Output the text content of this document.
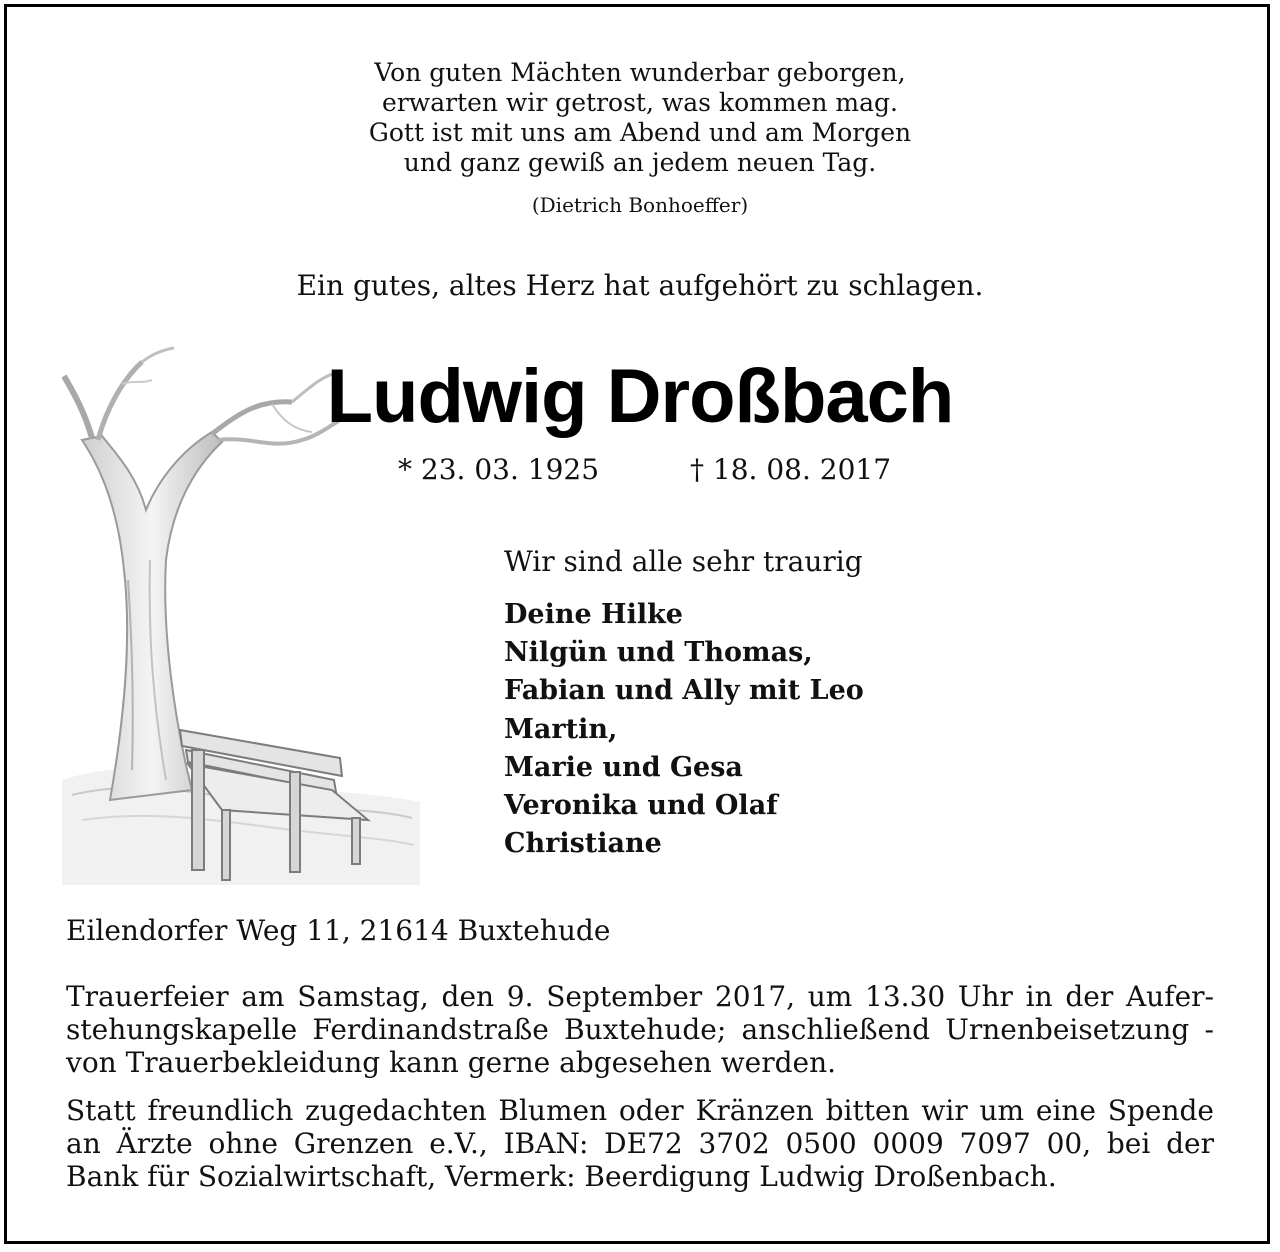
Von guten Mächten wunderbar geborgen,
erwarten wir getrost, was kommen mag.
Gott ist mit uns am Abend und am Morgen
und ganz gewiß an jedem neuen Tag.
(Dietrich Bonhoeffer)
Ein gutes, altes Herz hat aufgehört zu schlagen.
Ludwig Droßbach
* 23. 03. 1925	† 18. 08. 2017
Wir sind alle sehr traurig
Deine Hilke
Nilgün und Thomas,
Fabian und Ally mit Leo
Martin,
Marie und Gesa
Veronika und Olaf
Christiane
Eilendorfer Weg 11, 21614 Buxtehude
Trauerfeier am Samstag, den 9. September 2017, um 13.30 Uhr in der Aufer-
stehungskapelle Ferdinandstraße Buxtehude; anschließend Urnenbeisetzung -
von Trauerbekleidung kann gerne abgesehen werden.
Statt freundlich zugedachten Blumen oder Kränzen bitten wir um eine Spende
an Ärzte ohne Grenzen e.V., IBAN: DE72 3702 0500 0009 7097 00, bei der
Bank für Sozialwirtschaft, Vermerk: Beerdigung Ludwig Droßenbach.
